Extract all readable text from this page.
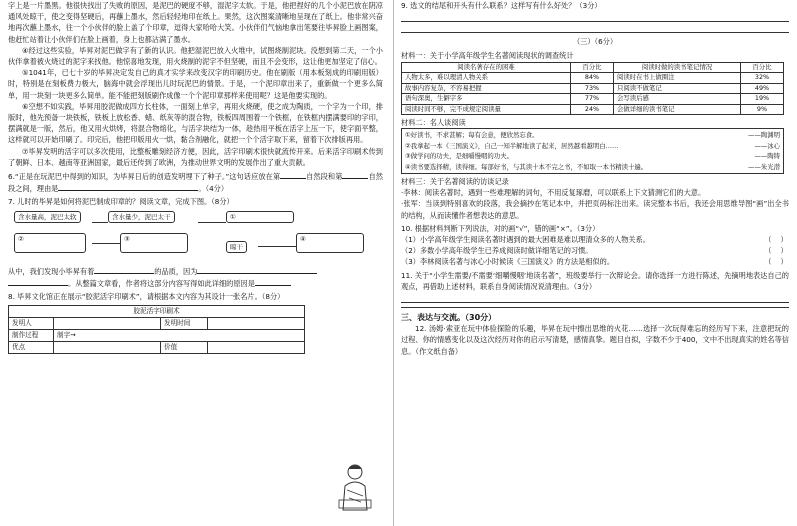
字上是一片墨黑。他很快找出了失败的原因，是泥巴的硬度不够，湿泥字太软。于是，他把捏好的几个小泥巴放在阴凉通风处晾干，使之变得坚硬后，再蘸上墨水，然后轻轻地印在纸上。果然，这次图案清晰地呈现在了纸上。他非常兴奋地再次蘸上墨水，往一个小伙伴的脸上盖了个印章，逗得大家哈哈大笑。小伙伴们气恼地拿出笔要往毕昇脸上画图案，他赶忙站着让小伙伴们在脸上画着，身上也都沾满了墨水。

④经过这些实验，毕昇对泥巴做字有了新的认识。他把湿泥巴放入火堆中，试图烧制泥块。没想到第二天，一个小伙伴拿着被火烧过的泥字来找他。他惊喜地发现，用火烧制的泥字不但坚硬，而且不会变形，这让他更加坚定了信心。

⑤1041年，已七十岁的毕昇决定发自己的真才实学来改变汉字的印刷历史。他在刷版（用本板刻成的印刷用版）时，特别是在刻板费力极大，脑海中就会浮现出儿时玩泥巴的情景。于是，一个泥印章出来了，重新做一个更多么简单，用一块刻一块更多么简单。能不能把刻版刷作成像一个个泥印章那样来使用呢？这是他要实现的。

⑥空想不如实践，毕昇用胶泥做成四方长柱体，一面刻上单字，再用火烧硬，使之成为陶质，一个字为一个印，排版时，他先预备一块铁板，铁板上放松香、蜡、纸灰等的混合物，铁板四周围着一个铁框，在铁框内摆满要印的字印，摆满就是一版，然后，他又用火烘烤，将混合物熔化，与活字块结为一体，趁热用平板在活字上压一下，使字面平整，这样就可以开始印刷了。印完后，他把印版用火一烘，黏合剂融化，就把一个个活字取下来，留着下次排版再用。

⑦毕昇发明的活字可以多次使用，比整板雕刻经济方便，因此，活字印刷术很快就流传开来。后来活字印刷术传到了朝鲜、日本、越南等亚洲国家，最后还传到了欧洲，为推动世界文明的发展作出了重大贡献。

6.“正是在玩泥巴中得到的知识，为毕昇日后的创造发明埋下了种子。”这句话应放在第	自然段和第	自然段之间，理由是	。（4分）

7. 儿时的毕昇是如何将泥巴制成印章的？阅读文章，完成下图。（8分）

含水量高，泥巴太软	含水量少，泥巴太干	①
②	③
晾干
④

从中，我们发现小毕昇有着	的品质，因为
。从整篇文章看，作者将这部分内容写得如此详细的原因是

8. 毕昇文化馆正在展示“胶泥活字印刷术”，请根据本文内容为其设计一张名片。（8分）

胶泥活字印刷术
发明人	发明时间
制作过程	制字→
优点	价值

9. 选文的结尾和开头有什么联系？这样写有什么好处？（3分）

（三）（6分）

材料一：关于小学高年级学生名著阅读现状的调查统计

阅读名著存在的困难	百分比	阅读时做的读书笔记情况	百分比
人物太多，难以理清人物关系	84%	阅读时在书上做圈注	32%
故事内容复杂，不容易把握	73%	只阅读不做笔记	49%
语句深奥，生僻字多	77%	会写读后感	19%
阅读时间不够，完不成规定阅读量	24%	会做详细的读书笔记	9%

材料二：名人谈阅读

①好读书，不求甚解；每有会意，便欣然忘食。	——陶渊明
②我拿起一本《三国演义》，自己一知半解地读了起来，居然越看越明白……	——冰心
③做学问的功夫，是细嚼慢咽的功夫。	——陶铸
④读书要选择精，读得细。每部好书，与其读十本不完之书，不如取一本书精读十遍。	——朱光潜

材料三：关于名著阅读的访谈记录

·李林：阅读名著时，遇到一些难理解的词句，不用反复琢磨，可以联系上下文猜测它们的大意。

·张军：当读到特别喜欢的段落，我会摘抄在笔记本中，并把页码标注出来。读完整本书后，我还会用思维导图“画”出全书的结构，从而读懂作者想表达的意思。

10. 根据材料判断下列说法，对的画“√”，错的画“×”。（3分）

（1）小学高年级学生阅读名著时遇到的最大困难是难以理清众多的人物关系。	（    ）
（2）多数小学高年级学生已养成阅读时做详细笔记的习惯。	（    ）
（3）李林阅读名著与冰心小时候读《三国演义》的方法是相似的。	（    ）

11. 关于“小学生需要/不需要‘细嚼慢咽’地读名著”，班级要举行一次辩论会。请你选择一方进行陈述，先摘明地表达自己的观点，再借助上述材料，联系自身阅读情况说清理由。（3分）

三、表达与交流。（30分）

12. 汤姆·索亚在玩中体验探险的乐趣，毕昇在玩中擦出思维的火花……选择一次玩得难忘的经历写下来，注意把玩的过程、你的情感变化以及这次经历对你的启示写清楚，感情真挚。题目自拟，字数不少于400，文中不出现真实的姓名等信息。（作文纸自备）
